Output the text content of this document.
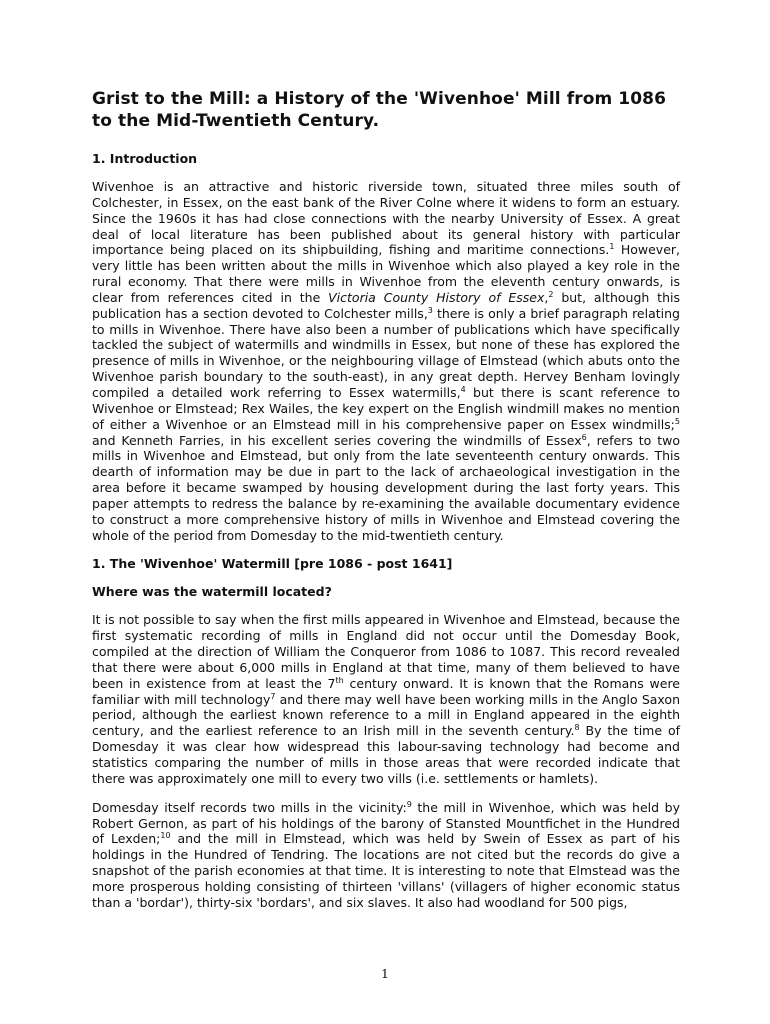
Grist to the Mill: a History of the 'Wivenhoe' Mill from 1086 to the Mid-Twentieth Century.
1. Introduction

Wivenhoe is an attractive and historic riverside town, situated three miles south of Colchester, in Essex, on the east bank of the River Colne where it widens to form an estuary. Since the 1960s it has had close connections with the nearby University of Essex. A great deal of local literature has been published about its general history with particular importance being placed on its shipbuilding, fishing and maritime connections.$^1$ However, very little has been written about the mills in Wivenhoe which also played a key role in the rural economy. That there were mills in Wivenhoe from the eleventh century onwards, is clear from references cited in the Victoria County History of Essex,$^2$ but, although this publication has a section devoted to Colchester mills,$^3$ there is only a brief paragraph relating to mills in Wivenhoe. There have also been a number of publications which have specifically tackled the subject of watermills and windmills in Essex, but none of these has explored the presence of mills in Wivenhoe, or the neighbouring village of Elmstead (which abuts onto the Wivenhoe parish boundary to the south-east), in any great depth. Hervey Benham lovingly compiled a detailed work referring to Essex watermills,$^4$ but there is scant reference to Wivenhoe or Elmstead; Rex Wailes, the key expert on the English windmill makes no mention of either a Wivenhoe or an Elmstead mill in his comprehensive paper on Essex windmills;$^5$ and Kenneth Farries, in his excellent series covering the windmills of Essex$^6$, refers to two mills in Wivenhoe and Elmstead, but only from the late seventeenth century onwards. This dearth of information may be due in part to the lack of archaeological investigation in the area before it became swamped by housing development during the last forty years. This paper attempts to redress the balance by re-examining the available documentary evidence to construct a more comprehensive history of mills in Wivenhoe and Elmstead covering the whole of the period from Domesday to the mid-twentieth century.

1. The 'Wivenhoe' Watermill [pre 1086 - post 1641]
Where was the watermill located?

It is not possible to say when the first mills appeared in Wivenhoe and Elmstead, because the first systematic recording of mills in England did not occur until the Domesday Book, compiled at the direction of William the Conqueror from 1086 to 1087. This record revealed that there were about 6,000 mills in England at that time, many of them believed to have been in existence from at least the 7th century onward. It is known that the Romans were familiar with mill technology$^7$ and there may well have been working mills in the Anglo Saxon period, although the earliest known reference to a mill in England appeared in the eighth century, and the earliest reference to an Irish mill in the seventh century.$^8$ By the time of Domesday it was clear how widespread this labour-saving technology had become and statistics comparing the number of mills in those areas that were recorded indicate that there was approximately one mill to every two vills (i.e. settlements or hamlets).

Domesday itself records two mills in the vicinity:$^9$ the mill in Wivenhoe, which was held by Robert Gernon, as part of his holdings of the barony of Stansted Mountfichet in the Hundred of Lexden;$^{10}$ and the mill in Elmstead, which was held by Swein of Essex as part of his holdings in the Hundred of Tendring. The locations are not cited but the records do give a snapshot of the parish economies at that time. It is interesting to note that Elmstead was the more prosperous holding consisting of thirteen 'villans' (villagers of higher economic status than a 'bordar'), thirty-six 'bordars', and six slaves. It also had woodland for 500 pigs,

1
